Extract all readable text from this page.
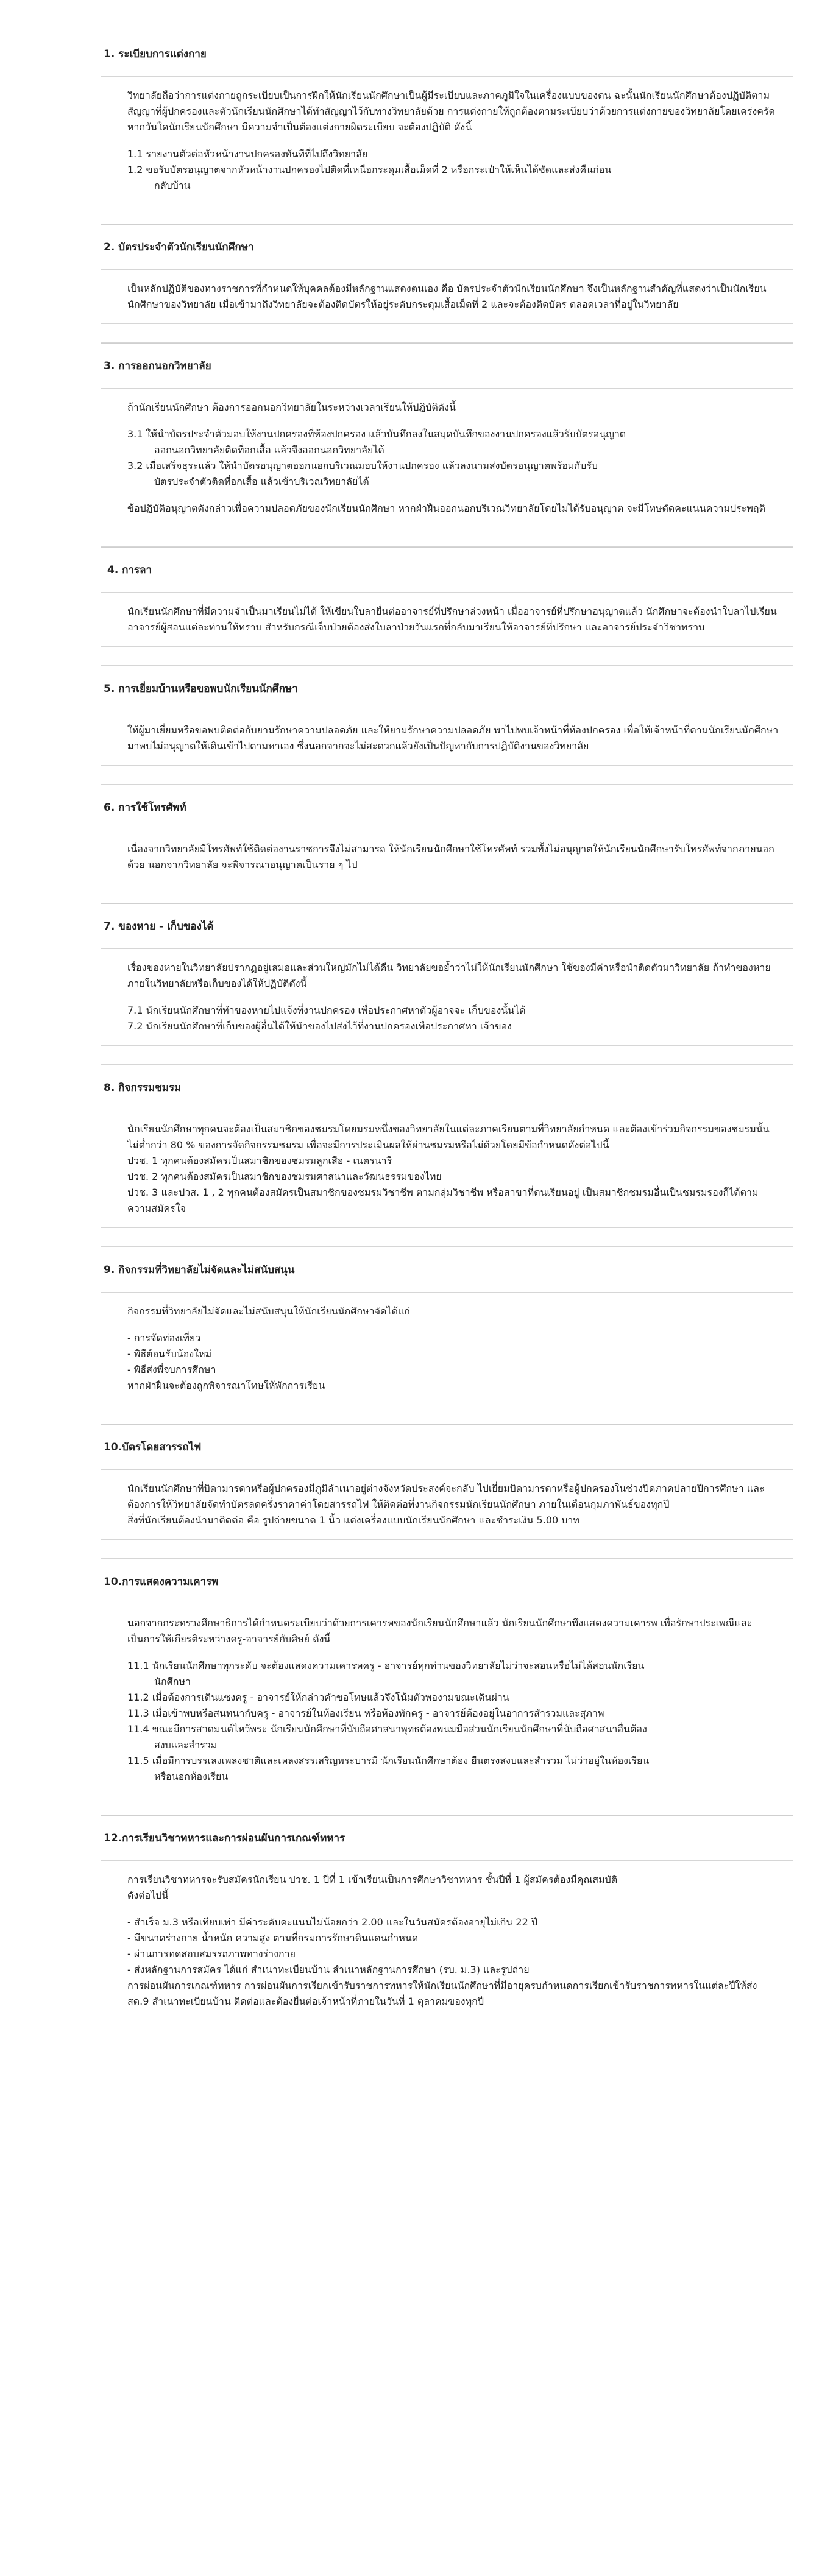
1. ระเบียบการแต่งกาย

วิทยาลัยถือว่าการแต่งกายถูกระเบียบเป็นการฝึกให้นักเรียนนักศึกษาเป็นผู้มีระเบียบและภาคภูมิใจในเครื่องแบบของตน ฉะนั้นนักเรียนนักศึกษาต้องปฏิบัติตามสัญญาที่ผู้ปกครองและตัวนักเรียนนักศึกษาได้ทำสัญญาไว้กับทางวิทยาลัยด้วย การแต่งกายให้ถูกต้องตามระเบียบว่าด้วยการแต่งกายของวิทยาลัยโดยเคร่งครัด หากวันใดนักเรียนนักศึกษา มีความจำเป็นต้องแต่งกายผิดระเบียบ จะต้องปฏิบัติ ดังนี้

1.1 รายงานตัวต่อหัวหน้างานปกครองทันทีที่ไปถึงวิทยาลัย

1.2 ขอรับบัตรอนุญาตจากหัวหน้างานปกครองไปติดที่เหนือกระดุมเสื้อเม็ดที่ 2 หรือกระเป๋าให้เห็นได้ชัดและส่งคืนก่อน

กลับบ้าน

2. บัตรประจำตัวนักเรียนนักศึกษา

เป็นหลักปฏิบัติของทางราชการที่กำหนดให้บุคคลต้องมีหลักฐานแสดงตนเอง คือ บัตรประจำตัวนักเรียนนักศึกษา จึงเป็นหลักฐานสำคัญที่แสดงว่าเป็นนักเรียนนักศึกษาของวิทยาลัย เมื่อเข้ามาถึงวิทยาลัยจะต้องติดบัตรให้อยู่ระดับกระดุมเสื้อเม็ดที่ 2 และจะต้องติดบัตร ตลอดเวลาที่อยู่ในวิทยาลัย

3. การออกนอกวิทยาลัย

ถ้านักเรียนนักศึกษา ต้องการออกนอกวิทยาลัยในระหว่างเวลาเรียนให้ปฏิบัติดังนี้

3.1 ให้นำบัตรประจำตัวมอบให้งานปกครองที่ห้องปกครอง แล้วบันทึกลงในสมุดบันทึกของงานปกครองแล้วรับบัตรอนุญาต

ออกนอกวิทยาลัยติดที่อกเสื้อ แล้วจึงออกนอกวิทยาลัยได้

3.2 เมื่อเสร็จธุระแล้ว ให้นำบัตรอนุญาตออกนอกบริเวณมอบให้งานปกครอง แล้วลงนามส่งบัตรอนุญาตพร้อมกับรับ

บัตรประจำตัวติดที่อกเสื้อ แล้วเข้าบริเวณวิทยาลัยได้

ข้อปฏิบัติอนุญาตดังกล่าวเพื่อความปลอดภัยของนักเรียนนักศึกษา หากฝ่าฝืนออกนอกบริเวณวิทยาลัยโดยไม่ได้รับอนุญาต จะมีโทษตัดคะแนนความประพฤติ

4. การลา

นักเรียนนักศึกษาที่มีความจำเป็นมาเรียนไม่ได้ ให้เขียนใบลายื่นต่ออาจารย์ที่ปรึกษาล่วงหน้า เมื่ออาจารย์ที่ปรึกษาอนุญาตแล้ว นักศึกษาจะต้องนำใบลาไปเรียนอาจารย์ผู้สอนแต่ละท่านให้ทราบ สำหรับกรณีเจ็บป่วยต้องส่งใบลาป่วยวันแรกที่กลับมาเรียนให้อาจารย์ที่ปรึกษา และอาจารย์ประจำวิชาทราบ

5. การเยี่ยมบ้านหรือขอพบนักเรียนนักศึกษา

ให้ผู้มาเยี่ยมหรือขอพบติดต่อกับยามรักษาความปลอดภัย และให้ยามรักษาความปลอดภัย พาไปพบเจ้าหน้าที่ห้องปกครอง เพื่อให้เจ้าหน้าที่ตามนักเรียนนักศึกษามาพบไม่อนุญาตให้เดินเข้าไปตามหาเอง ซึ่งนอกจากจะไม่สะดวกแล้วยังเป็นปัญหากับการปฏิบัติงานของวิทยาลัย

6. การใช้โทรศัพท์

เนื่องจากวิทยาลัยมีโทรศัพท์ใช้ติดต่องานราชการจึงไม่สามารถ ให้นักเรียนนักศึกษาใช้โทรศัพท์ รวมทั้งไม่อนุญาตให้นักเรียนนักศึกษารับโทรศัพท์จากภายนอกด้วย นอกจากวิทยาลัย จะพิจารณาอนุญาตเป็นราย ๆ ไป

7. ของหาย - เก็บของได้

เรื่องของหายในวิทยาลัยปรากฏอยู่เสมอและส่วนใหญ่มักไม่ได้คืน วิทยาลัยขอย้ำว่าไม่ให้นักเรียนนักศึกษา ใช้ของมีค่าหรือนำติดตัวมาวิทยาลัย ถ้าทำของหายภายในวิทยาลัยหรือเก็บของได้ให้ปฏิบัติดังนี้

7.1 นักเรียนนักศึกษาที่ทำของหายไปแจ้งที่งานปกครอง เพื่อประกาศหาตัวผู้อาจจะ เก็บของนั้นได้

7.2 นักเรียนนักศึกษาที่เก็บของผู้อื่นได้ให้นำของไปส่งไว้ที่งานปกครองเพื่อประกาศหา เจ้าของ

8. กิจกรรมชมรม

นักเรียนนักศึกษาทุกคนจะต้องเป็นสมาชิกของชมรมโดยมรมหนึ่งของวิทยาลัยในแต่ละภาคเรียนตามที่วิทยาลัยกำหนด และต้องเข้าร่วมกิจกรรมของชมรมนั้นไม่ต่ำกว่า 80 % ของการจัดกิจกรรมชมรม เพื่อจะมีการประเมินผลให้ผ่านชมรมหรือไม่ด้วยโดยมีข้อกำหนดดังต่อไปนี้

ปวช. 1 ทุกคนต้องสมัครเป็นสมาชิกของชมรมลูกเสือ - เนตรนารี

ปวช. 2 ทุกคนต้องสมัครเป็นสมาชิกของชมรมศาสนาและวัฒนธรรมของไทย

ปวช. 3 และปวส. 1 , 2 ทุกคนต้องสมัครเป็นสมาชิกของชมรมวิชาชีพ ตามกลุ่มวิชาชีพ หรือสาขาที่ตนเรียนอยู่ เป็นสมาชิกชมรมอื่นเป็นชมรมรองก็ได้ตามความสมัครใจ

9. กิจกรรมที่วิทยาลัยไม่จัดและไม่สนับสนุน

กิจกรรมที่วิทยาลัยไม่จัดและไม่สนับสนุนให้นักเรียนนักศึกษาจัดได้แก่

- การจัดท่องเที่ยว

- พิธีต้อนรับน้องใหม่

- พิธีส่งพี่จบการศึกษา

หากฝ่าฝืนจะต้องถูกพิจารณาโทษให้พักการเรียน

10.บัตรโดยสารรถไฟ

นักเรียนนักศึกษาที่บิดามารดาหรือผู้ปกครองมีภูมิลำเนาอยู่ต่างจังหวัดประสงค์จะกลับ ไปเยี่ยมบิดามารดาหรือผู้ปกครองในช่วงปิดภาคปลายปีการศึกษา และต้องการให้วิทยาลัยจัดทำบัตรลดครึ่งราคาค่าโดยสารรถไฟ ให้ติดต่อที่งานกิจกรรมนักเรียนนักศึกษา ภายในเดือนกุมภาพันธ์ของทุกปี

สิ่งที่นักเรียนต้องนำมาติดต่อ คือ รูปถ่ายขนาด 1 นิ้ว แต่งเครื่องแบบนักเรียนนักศึกษา และชำระเงิน 5.00 บาท

10.การแสดงความเคารพ

นอกจากกระทรวงศึกษาธิการได้กำหนดระเบียบว่าด้วยการเคารพของนักเรียนนักศึกษาแล้ว นักเรียนนักศึกษาพึงแสดงความเคารพ เพื่อรักษาประเพณีและเป็นการให้เกียรติระหว่างครู-อาจารย์กับศิษย์ ดังนี้

11.1 นักเรียนนักศึกษาทุกระดับ จะต้องแสดงความเคารพครู - อาจารย์ทุกท่านของวิทยาลัยไม่ว่าจะสอนหรือไม่ได้สอนนักเรียน

นักศึกษา

11.2 เมื่อต้องการเดินแซงครู - อาจารย์ให้กล่าวคำขอโทษแล้วจึงโน้มตัวพองามขณะเดินผ่าน

11.3 เมื่อเข้าพบหรือสนทนากับครู - อาจารย์ในห้องเรียน หรือห้องพักครู - อาจารย์ต้องอยู่ในอาการสำรวมและสุภาพ

11.4 ขณะมีการสวดมนต์ไหว้พระ นักเรียนนักศึกษาที่นับถือศาสนาพุทธต้องพนมมือส่วนนักเรียนนักศึกษาที่นับถือศาสนาอื่นต้อง

สงบและสำรวม

11.5 เมื่อมีการบรรเลงเพลงชาติและเพลงสรรเสริญพระบารมี นักเรียนนักศึกษาต้อง ยืนตรงสงบและสำรวม ไม่ว่าอยู่ในห้องเรียน

หรือนอกห้องเรียน

12.การเรียนวิชาทหารและการผ่อนผันการเกณฑ์ทหาร

การเรียนวิชาทหารจะรับสมัครนักเรียน ปวช. 1 ปีที่ 1 เข้าเรียนเป็นการศึกษาวิชาทหาร ชั้นปีที่ 1 ผู้สมัครต้องมีคุณสมบัติ

ดังต่อไปนี้

- สำเร็จ ม.3 หรือเทียบเท่า มีค่าระดับคะแนนไม่น้อยกว่า 2.00 และในวันสมัครต้องอายุไม่เกิน 22 ปี

- มีขนาดร่างกาย น้ำหนัก ความสูง ตามที่กรมการรักษาดินแดนกำหนด

- ผ่านการทดสอบสมรรถภาพทางร่างกาย

- ส่งหลักฐานการสมัคร ได้แก่ สำเนาทะเบียนบ้าน สำเนาหลักฐานการศึกษา (รบ. ม.3) และรูปถ่าย

การผ่อนผันการเกณฑ์ทหาร การผ่อนผันการเรียกเข้ารับราชการทหารให้นักเรียนนักศึกษาที่มีอายุครบกำหนดการเรียกเข้ารับราชการทหารในแต่ละปีให้ส่ง สด.9 สำเนาทะเบียนบ้าน ติดต่อและต้องยื่นต่อเจ้าหน้าที่ภายในวันที่ 1 ตุลาคมของทุกปี
